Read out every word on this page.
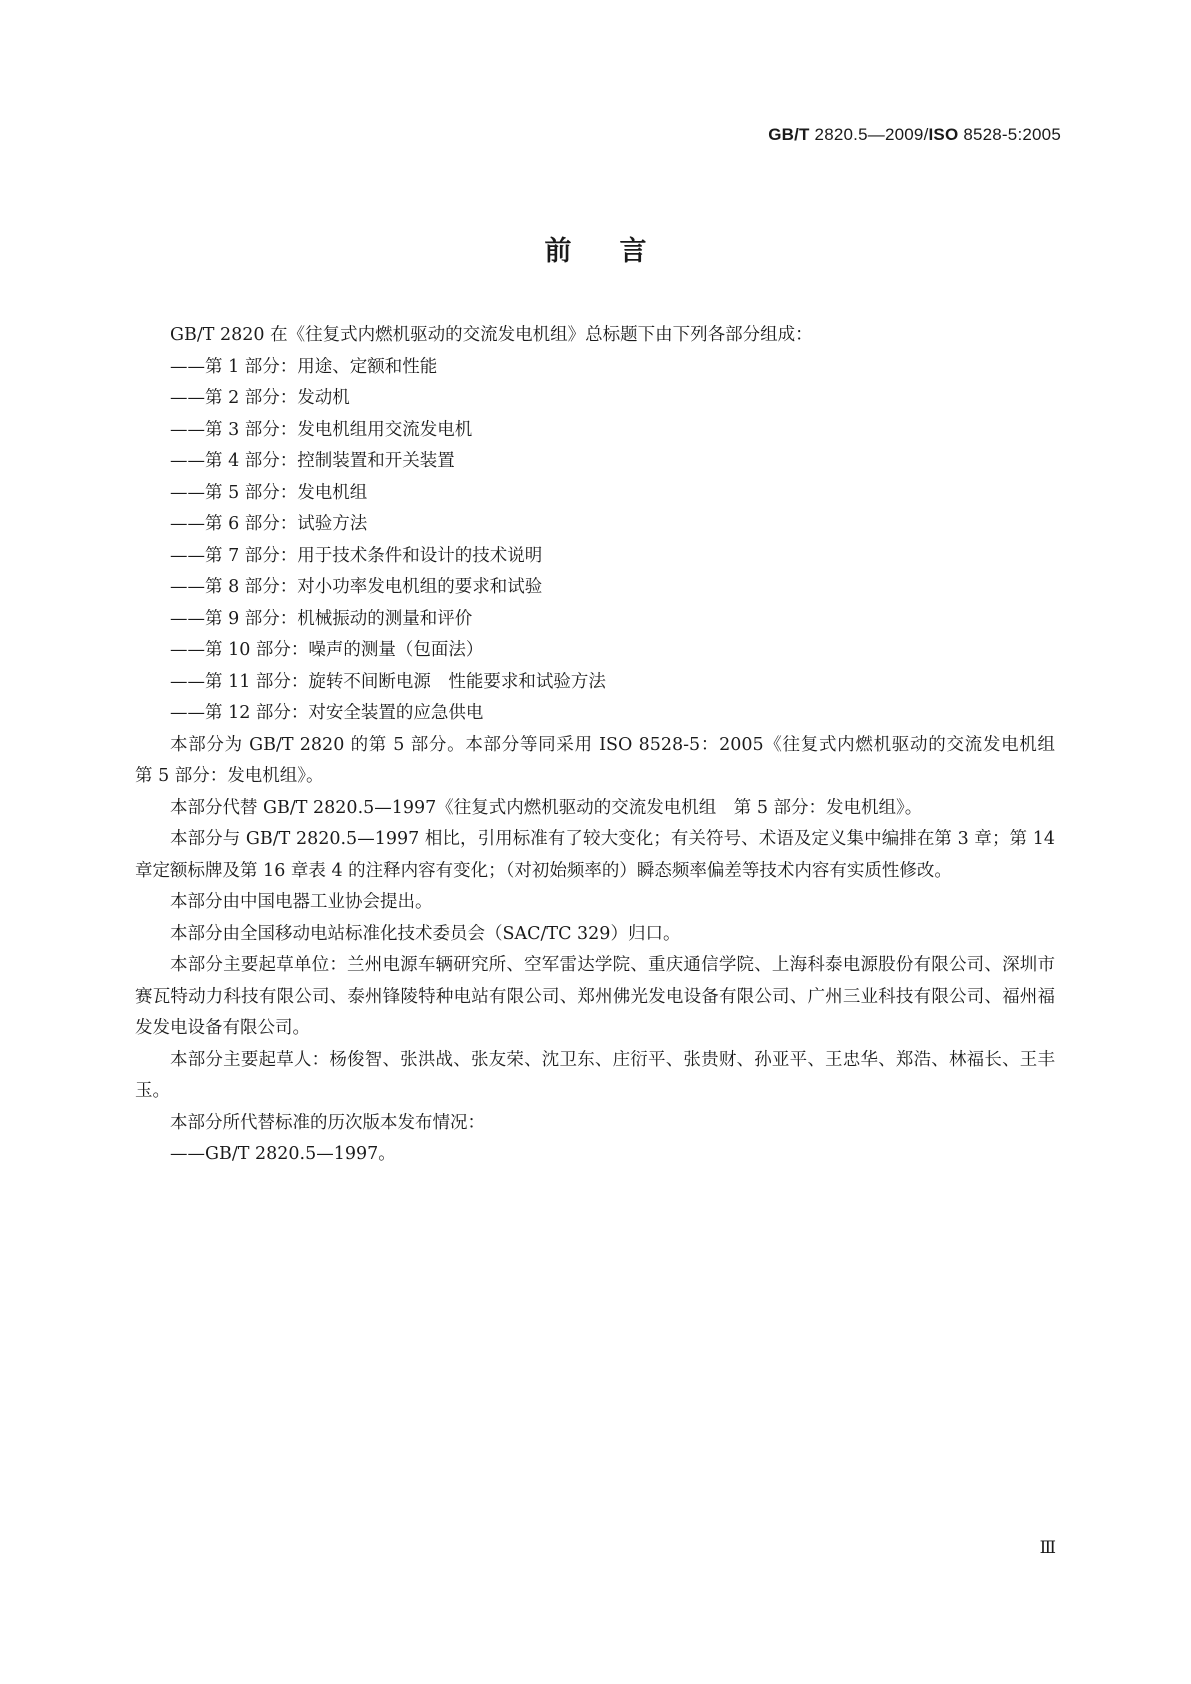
GB/T 2820.5—2009/ISO 8528-5:2005
前言

GB/T 2820 在《往复式内燃机驱动的交流发电机组》总标题下由下列各部分组成：

——第 1 部分：用途、定额和性能

——第 2 部分：发动机

——第 3 部分：发电机组用交流发电机

——第 4 部分：控制装置和开关装置

——第 5 部分：发电机组

——第 6 部分：试验方法

——第 7 部分：用于技术条件和设计的技术说明

——第 8 部分：对小功率发电机组的要求和试验

——第 9 部分：机械振动的测量和评价

——第 10 部分：噪声的测量（包面法）

——第 11 部分：旋转不间断电源　性能要求和试验方法

——第 12 部分：对安全装置的应急供电

本部分为 GB/T 2820 的第 5 部分。本部分等同采用 ISO 8528-5：2005《往复式内燃机驱动的交流发电机组　第 5 部分：发电机组》。

本部分代替 GB/T 2820.5—1997《往复式内燃机驱动的交流发电机组　第 5 部分：发电机组》。

本部分与 GB/T 2820.5—1997 相比，引用标准有了较大变化；有关符号、术语及定义集中编排在第 3 章；第 14 章定额标牌及第 16 章表 4 的注释内容有变化；（对初始频率的）瞬态频率偏差等技术内容有实质性修改。

本部分由中国电器工业协会提出。

本部分由全国移动电站标准化技术委员会（SAC/TC 329）归口。

本部分主要起草单位：兰州电源车辆研究所、空军雷达学院、重庆通信学院、上海科泰电源股份有限公司、深圳市赛瓦特动力科技有限公司、泰州锋陵特种电站有限公司、郑州佛光发电设备有限公司、广州三业科技有限公司、福州福发发电设备有限公司。

本部分主要起草人：杨俊智、张洪战、张友荣、沈卫东、庄衍平、张贵财、孙亚平、王忠华、郑浩、林福长、王丰玉。

本部分所代替标准的历次版本发布情况：

——GB/T 2820.5—1997。

Ⅲ
